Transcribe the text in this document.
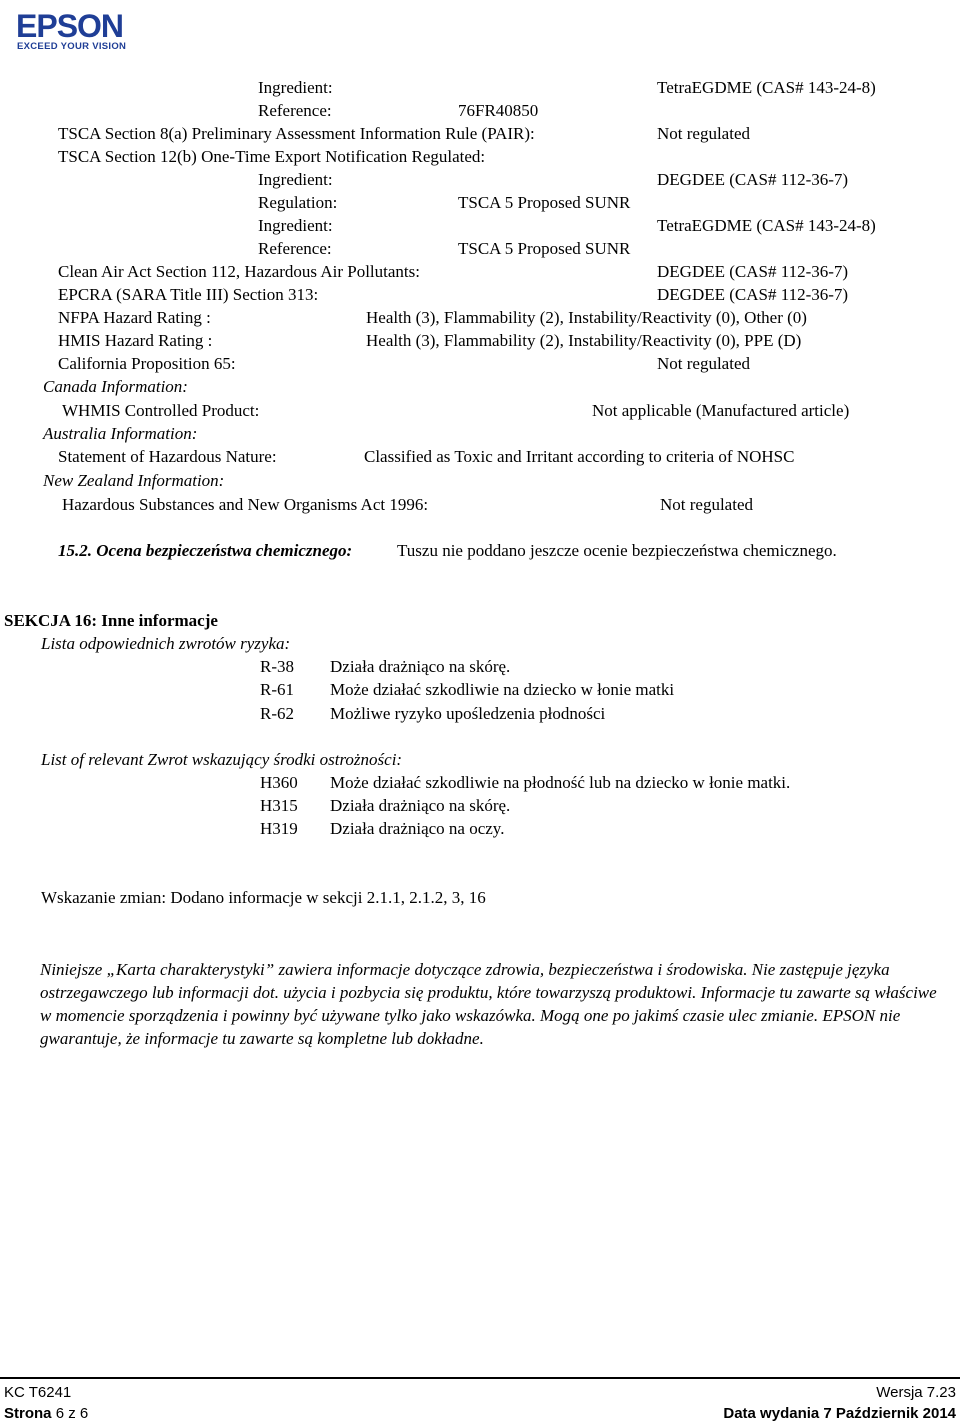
EPSON
EXCEED YOUR VISION
Ingredient:	TetraEGDME (CAS# 143-24-8)
Reference:	76FR40850
TSCA Section 8(a) Preliminary Assessment Information Rule (PAIR):	Not regulated
TSCA Section 12(b) One-Time Export Notification Regulated:
Ingredient:	DEGDEE (CAS# 112-36-7)
Regulation:	TSCA 5 Proposed SUNR
Ingredient:	TetraEGDME (CAS# 143-24-8)
Reference:	TSCA 5 Proposed SUNR
Clean Air Act Section 112, Hazardous Air Pollutants:	DEGDEE (CAS# 112-36-7)
EPCRA (SARA Title III) Section 313:	DEGDEE (CAS# 112-36-7)
NFPA Hazard Rating :	Health (3), Flammability (2), Instability/Reactivity (0), Other (0)
HMIS Hazard Rating :	Health (3), Flammability (2), Instability/Reactivity (0), PPE (D)
California Proposition 65:	Not regulated
Canada Information:
WHMIS Controlled Product:	Not applicable (Manufactured article)
Australia Information:
Statement of Hazardous Nature:	Classified as Toxic and Irritant according to criteria of NOHSC
New Zealand Information:
Hazardous Substances and New Organisms Act 1996:	Not regulated
15.2. Ocena bezpieczeństwa chemicznego:	Tuszu nie poddano jeszcze ocenie bezpieczeństwa chemicznego.
SEKCJA 16: Inne informacje
Lista odpowiednich zwrotów ryzyka:
R-38 Działa drażniąco na skórę.
R-61 Może działać szkodliwie na dziecko w łonie matki
R-62 Możliwe ryzyko upośledzenia płodności
List of relevant Zwrot wskazujący środki ostrożności:
H360 Może działać szkodliwie na płodność lub na dziecko w łonie matki.
H315 Działa drażniąco na skórę.
H319 Działa drażniąco na oczy.
Wskazanie zmian: Dodano informacje w sekcji 2.1.1, 2.1.2, 3, 16
Niniejsze „Karta charakterystyki” zawiera informacje dotyczące zdrowia, bezpieczeństwa i środowiska. Nie zastępuje języka ostrzegawczego lub informacji dot. użycia i pozbycia się produktu, które towarzyszą produktowi. Informacje tu zawarte są właściwe w momencie sporządzenia i powinny być używane tylko jako wskazówka. Mogą one po jakimś czasie ulec zmianie. EPSON nie gwarantuje, że informacje tu zawarte są kompletne lub dokładne.
KC T6241
Strona 6 z 6
Wersja 7.23
Data wydania 7 Październik 2014
